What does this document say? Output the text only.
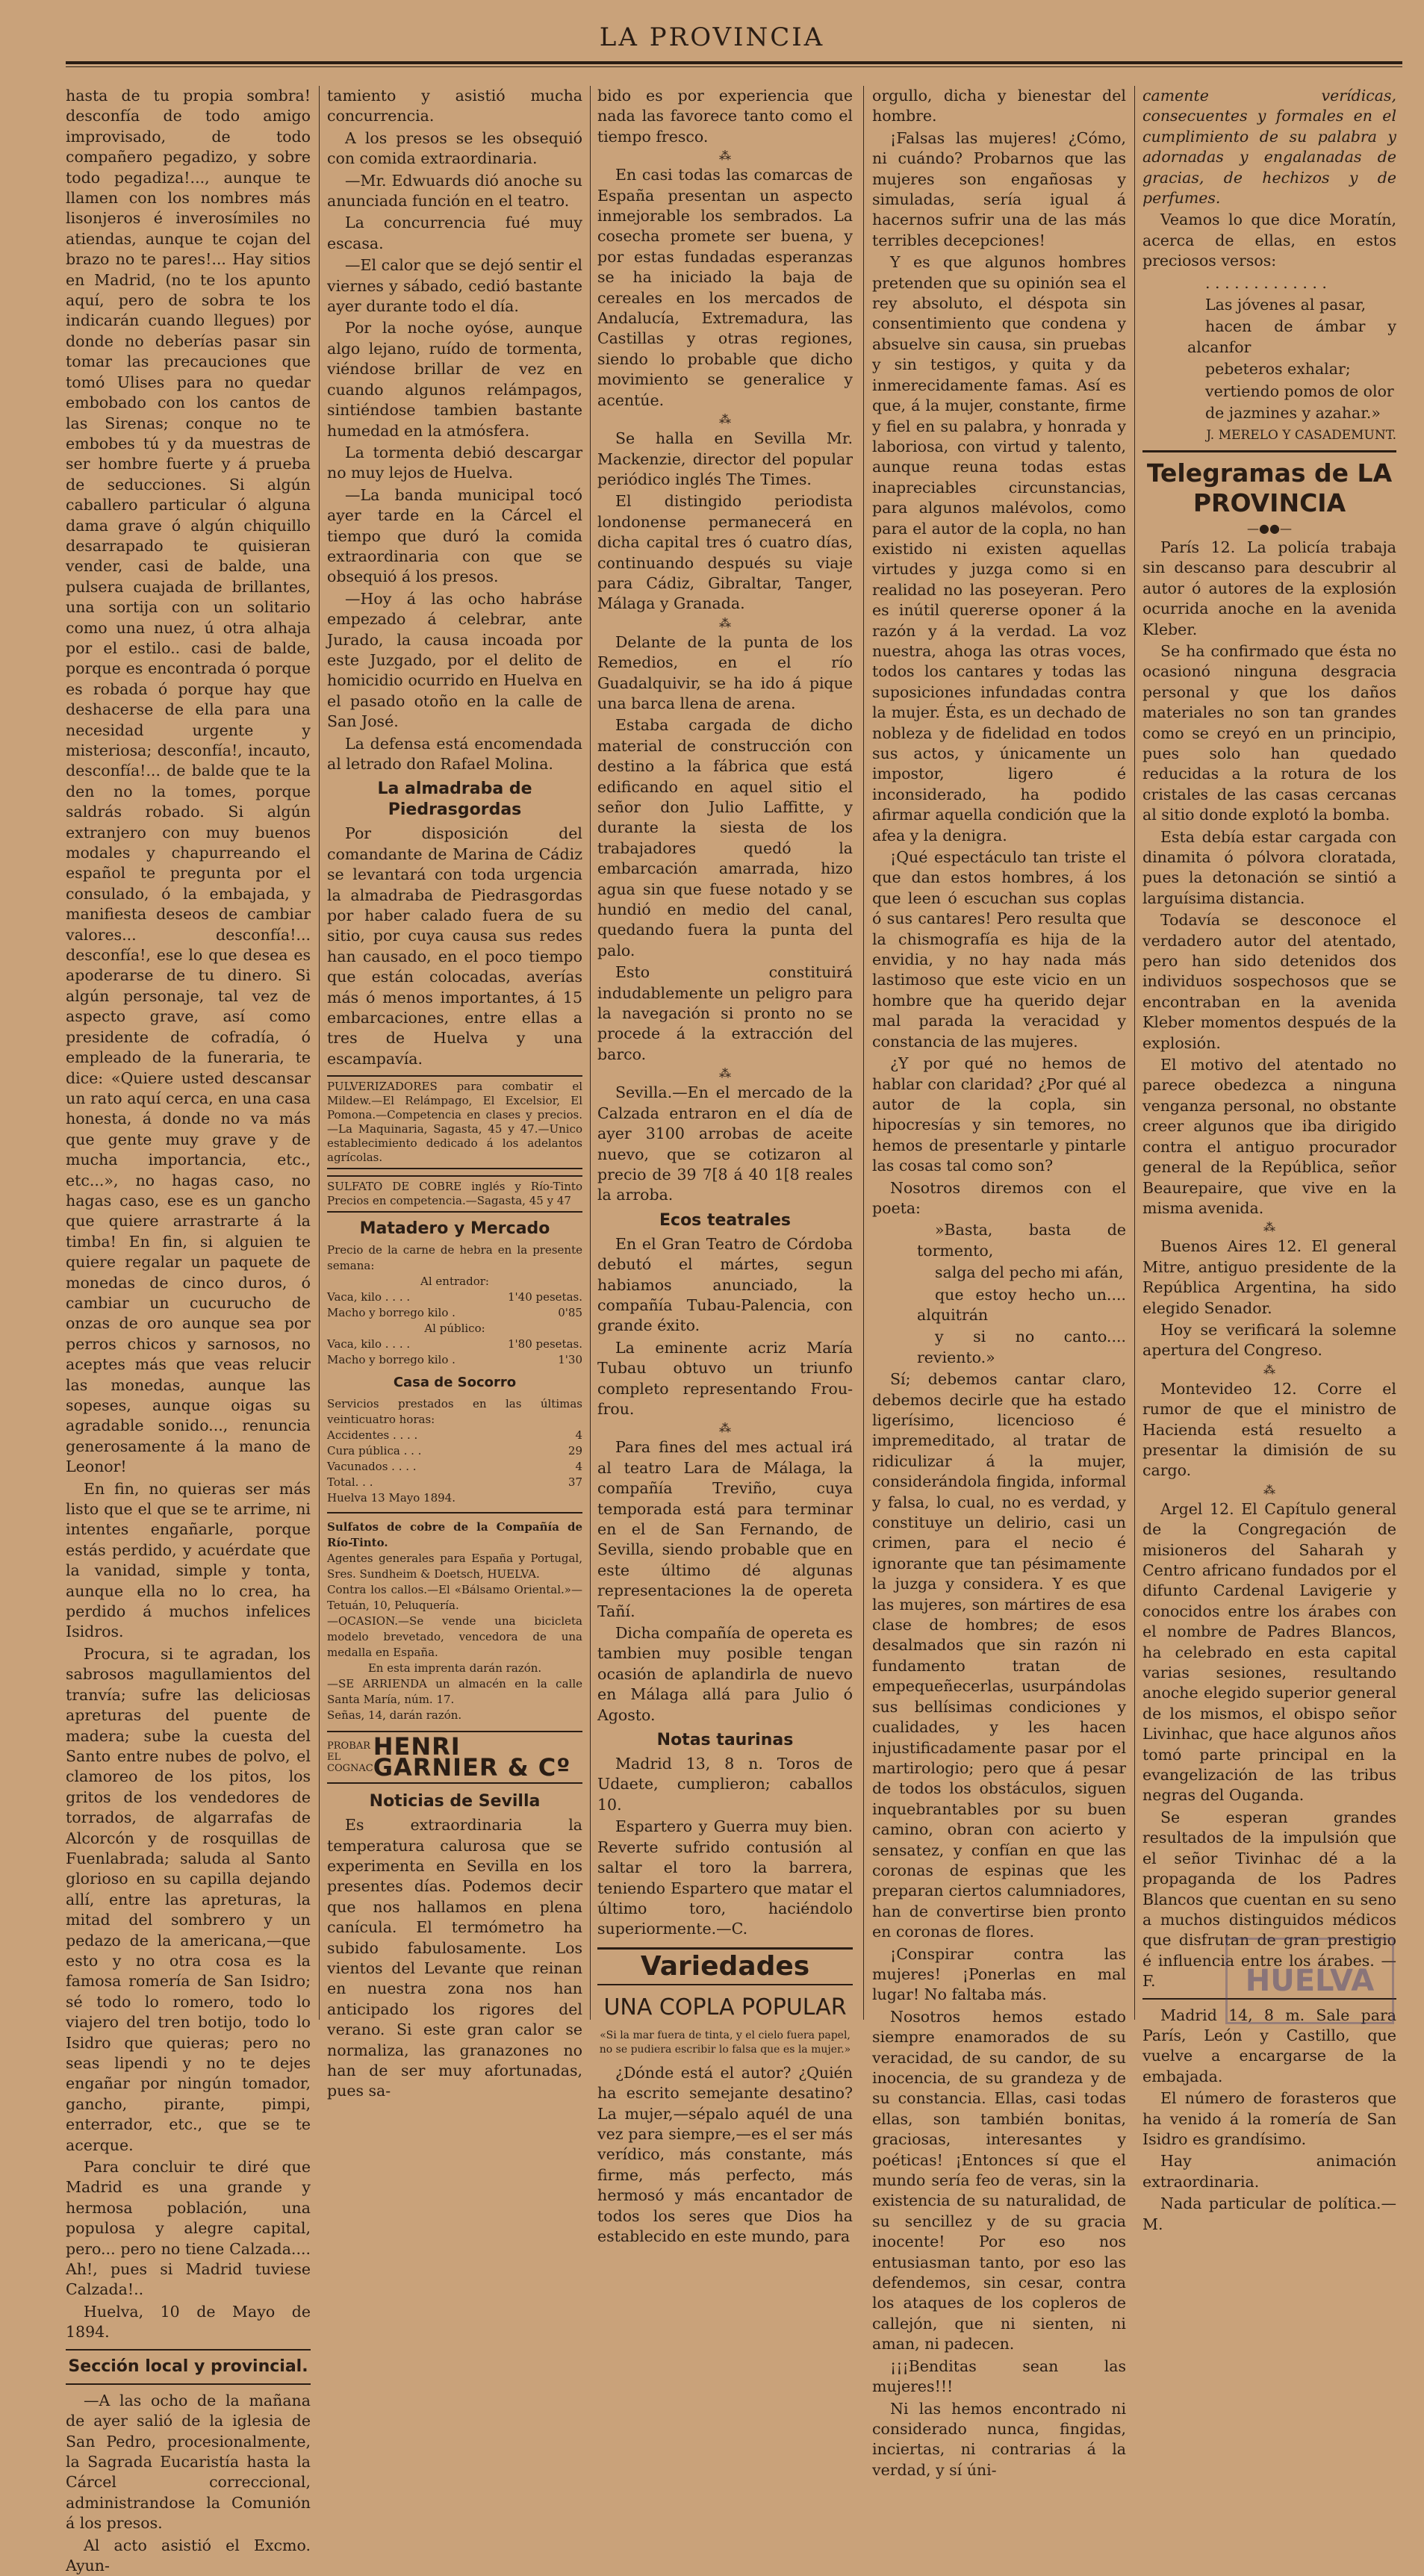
LA PROVINCIA

hasta de tu propia sombra! desconfía de todo amigo improvisado, de todo compañero pegadizo, y sobre todo pegadiza!..., aunque te llamen con los nombres más lisonjeros é inverosímiles no atiendas, aunque te cojan del brazo no te pares!... Hay sitios en Madrid, (no te los apunto aquí, pero de sobra te los indicarán cuando llegues) por donde no deberías pasar sin tomar las precauciones que tomó Ulises para no quedar embobado con los cantos de las Sirenas; conque no te embobes tú y da muestras de ser hombre fuerte y á prueba de seducciones. Si algún caballero particular ó alguna dama grave ó algún chiquillo desarrapado te quisieran vender, casi de balde, una pulsera cuajada de brillantes, una sortija con un solitario como una nuez, ú otra alhaja por el estilo.. casi de balde, porque es encontrada ó porque es robada ó porque hay que deshacerse de ella para una necesidad urgente y misteriosa; desconfía!, incauto, desconfía!... de balde que te la den no la tomes, porque saldrás robado. Si algún extranjero con muy buenos modales y chapurreando el español te pregunta por el consulado, ó la embajada, y manifiesta deseos de cambiar valores... desconfía!... desconfía!, ese lo que desea es apoderarse de tu dinero. Si algún personaje, tal vez de aspecto grave, así como presidente de cofradía, ó empleado de la funeraria, te dice: «Quiere usted descansar un rato aquí cerca, en una casa honesta, á donde no va más que gente muy grave y de mucha importancia, etc., etc...», no hagas caso, no hagas caso, ese es un gancho que quiere arrastrarte á la timba! En fin, si alguien te quiere regalar un paquete de monedas de cinco duros, ó cambiar un cucurucho de onzas de oro aunque sea por perros chicos y sarnosos, no aceptes más que veas relucir las monedas, aunque las sopeses, aunque oigas su agradable sonido..., renuncia generosamente á la mano de Leonor!

En fin, no quieras ser más listo que el que se te arrime, ni intentes engañarle, porque estás perdido, y acuérdate que la vanidad, simple y tonta, aunque ella no lo crea, ha perdido á muchos infelices Isidros.

Procura, si te agradan, los sabrosos magullamientos del tranvía; sufre las deliciosas apreturas del puente de madera; sube la cuesta del Santo entre nubes de polvo, el clamoreo de los pitos, los gritos de los vendedores de torrados, de algarrafas de Alcorcón y de rosquillas de Fuenlabrada; saluda al Santo glorioso en su capilla dejando allí, entre las apreturas, la mitad del sombrero y un pedazo de la americana,—que esto y no otra cosa es la famosa romería de San Isidro; sé todo lo romero, todo lo viajero del tren botijo, todo lo Isidro que quieras; pero no seas lipendi y no te dejes engañar por ningún tomador, gancho, pirante, pimpi, enterrador, etc., que se te acerque.

Para concluir te diré que Madrid es una grande y hermosa población, una populosa y alegre capital, pero... pero no tiene Calzada.... Ah!, pues si Madrid tuviese Calzada!..

Huelva, 10 de Mayo de 1894.

Sección local y provincial.

—A las ocho de la mañana de ayer salió de la iglesia de San Pedro, procesionalmente, la Sagrada Eucaristía hasta la Cárcel correccional, administrandose la Comunión á los presos.

Al acto asistió el Excmo. Ayun-

tamiento y asistió mucha concurrencia.

A los presos se les obsequió con comida extraordinaria.

—Mr. Edwuards dió anoche su anunciada función en el teatro.

La concurrencia fué muy escasa.

—El calor que se dejó sentir el viernes y sábado, cedió bastante ayer durante todo el día.

Por la noche oyóse, aunque algo lejano, ruído de tormenta, viéndose brillar de vez en cuando algunos relámpagos, sintiéndose tambien bastante humedad en la atmósfera.

La tormenta debió descargar no muy lejos de Huelva.

—La banda municipal tocó ayer tarde en la Cárcel el tiempo que duró la comida extraordinaria con que se obsequió á los presos.

—Hoy á las ocho habráse empezado á celebrar, ante Jurado, la causa incoada por este Juzgado, por el delito de homicidio ocurrido en Huelva en el pasado otoño en la calle de San José.

La defensa está encomendada al letrado don Rafael Molina.

La almadraba de Piedrasgordas

Por disposición del comandante de Marina de Cádiz se levantará con toda urgencia la almadraba de Piedrasgordas por haber calado fuera de su sitio, por cuya causa sus redes han causado, en el poco tiempo que están colocadas, averías más ó menos importantes, á 15 embarcaciones, entre ellas a tres de Huelva y una escampavía.

PULVERIZADORES para combatir el Mildew.—El Relámpago, El Excelsior, El Pomona.—Competencia en clases y precios.—La Maquinaria, Sagasta, 45 y 47.—Unico establecimiento dedicado á los adelantos agrícolas.
SULFATO DE COBRE inglés y Río-Tinto Precios en competencia.—Sagasta, 45 y 47
Matadero y Mercado
Precio de la carne de hebra en la presente semana:
Al entrador:
Vaca, kilo . . . .	1'40 pesetas.
Macho y borrego kilo .	0'85
Al público:
Vaca, kilo . . . .	1'80 pesetas.
Macho y borrego kilo .	1'30
Casa de Socorro
Servicios prestados en las últimas veinticuatro horas:
Accidentes . . . .	4
Cura pública . . .	29
Vacunados . . . .	4
Total. . .	37
Huelva 13 Mayo 1894.
Sulfatos de cobre de la Compañía de Río-Tinto.
Agentes generales para España y Portugal, Sres. Sundheim & Doetsch, HUELVA.
Contra los callos.—El «Bálsamo Oriental.»—Tetuán, 10, Peluquería.
—OCASION.—Se vende una bicicleta modelo brevetado, vencedora de una medalla en España.
En esta imprenta darán razón.
—SE ARRIENDA un almacén en la calle Santa María, núm. 17.
Señas, 14, darán razón.
PROBAR EL COGNAC
HENRI GARNIER & Cº
Noticias de Sevilla

Es extraordinaria la temperatura calurosa que se experimenta en Sevilla en los presentes días. Podemos decir que nos hallamos en plena canícula. El termómetro ha subido fabulosamente. Los vientos del Levante que reinan en nuestra zona nos han anticipado los rigores del verano. Si este gran calor se normaliza, las granazones no han de ser muy afortunadas, pues sa-

bido es por experiencia que nada las favorece tanto como el tiempo fresco.

⁂

En casi todas las comarcas de España presentan un aspecto inmejorable los sembrados. La cosecha promete ser buena, y por estas fundadas esperanzas se ha iniciado la baja de cereales en los mercados de Andalucía, Extremadura, las Castillas y otras regiones, siendo lo probable que dicho movimiento se generalice y acentúe.

⁂

Se halla en Sevilla Mr. Mackenzie, director del popular periódico inglés The Times.

El distingido periodista londonense permanecerá en dicha capital tres ó cuatro días, continuando después su viaje para Cádiz, Gibraltar, Tanger, Málaga y Granada.

⁂

Delante de la punta de los Remedios, en el río Guadalquivir, se ha ido á pique una barca llena de arena.

Estaba cargada de dicho material de construcción con destino a la fábrica que está edificando en aquel sitio el señor don Julio Laffitte, y durante la siesta de los trabajadores quedó la embarcación amarrada, hizo agua sin que fuese notado y se hundió en medio del canal, quedando fuera la punta del palo.

Esto constituirá indudablemente un peligro para la navegación si pronto no se procede á la extracción del barco.

⁂

Sevilla.—En el mercado de la Calzada entraron en el día de ayer 3100 arrobas de aceite nuevo, que se cotizaron al precio de 39 7[8 á 40 1[8 reales la arroba.

Ecos teatrales

En el Gran Teatro de Córdoba debutó el mártes, segun habiamos anunciado, la compañía Tubau-Palencia, con grande éxito.

La eminente acriz María Tubau obtuvo un triunfo completo representando Frou-frou.

⁂

Para fines del mes actual irá al teatro Lara de Málaga, la compañía Treviño, cuya temporada está para terminar en el de San Fernando, de Sevilla, siendo probable que en este último dé algunas representaciones la de opereta Tañí.

Dicha compañía de opereta es tambien muy posible tengan ocasión de aplandirla de nuevo en Málaga allá para Julio ó Agosto.

Notas taurinas

Madrid 13, 8 n. Toros de Udaete, cumplieron; caballos 10.

Espartero y Guerra muy bien. Reverte sufrido contusión al saltar el toro la barrera, teniendo Espartero que matar el último toro, haciéndolo superiormente.—C.

Variedades
UNA COPLA POPULAR
«Si la mar fuera de tinta, y el cielo fuera papel, no se pudiera escribir lo falsa que es la mujer.»

¿Dónde está el autor? ¿Quién ha escrito semejante desatino? La mujer,—sépalo aquél de una vez para siempre,—es el ser más verídico, más constante, más firme, más perfecto, más hermosó y más encantador de todos los seres que Dios ha establecido en este mundo, para

orgullo, dicha y bienestar del hombre.

¡Falsas las mujeres! ¿Cómo, ni cuándo? Probarnos que las mujeres son engañosas y simuladas, sería igual á hacernos sufrir una de las más terribles decepciones!

Y es que algunos hombres pretenden que su opinión sea el rey absoluto, el déspota sin consentimiento que condena y absuelve sin causa, sin pruebas y sin testigos, y quita y da inmerecidamente famas. Así es que, á la mujer, constante, firme y fiel en su palabra, y honrada y laboriosa, con virtud y talento, aunque reuna todas estas inapreciables circunstancias, para algunos malévolos, como para el autor de la copla, no han existido ni existen aquellas virtudes y juzga como si en realidad no las poseyeran. Pero es inútil quererse oponer á la razón y á la verdad. La voz nuestra, ahoga las otras voces, todos los cantares y todas las suposiciones infundadas contra la mujer. Ésta, es un dechado de nobleza y de fidelidad en todos sus actos, y únicamente un impostor, ligero é inconsiderado, ha podido afirmar aquella condición que la afea y la denigra.

¡Qué espectáculo tan triste el que dan estos hombres, á los que leen ó escuchan sus coplas ó sus cantares! Pero resulta que la chismografía es hija de la envidia, y no hay nada más lastimoso que este vicio en un hombre que ha querido dejar mal parada la veracidad y constancia de las mujeres.

¿Y por qué no hemos de hablar con claridad? ¿Por qué al autor de la copla, sin hipocresías y sin temores, no hemos de presentarle y pintarle las cosas tal como son?

Nosotros diremos con el poeta:

»Basta, basta de tormento,

salga del pecho mi afán,

que estoy hecho un.... alquitrán

y si no canto.... reviento.»

Sí; debemos cantar claro, debemos decirle que ha estado ligerísimo, licencioso é impremeditado, al tratar de ridiculizar á la mujer, considerándola fingida, informal y falsa, lo cual, no es verdad, y constituye un delirio, casi un crimen, para el necio é ignorante que tan pésimamente la juzga y considera. Y es que las mujeres, son mártires de esa clase de hombres; de esos desalmados que sin razón ni fundamento tratan de empequeñecerlas, usurpándolas sus bellísimas condiciones y cualidades, y les hacen injustificadamente pasar por el martirologio; pero que á pesar de todos los obstáculos, siguen inquebrantables por su buen camino, obran con acierto y sensatez, y confían en que las coronas de espinas que les preparan ciertos calumniadores, han de convertirse bien pronto en coronas de flores.

¡Conspirar contra las mujeres! ¡Ponerlas en mal lugar! No faltaba más.

Nosotros hemos estado siempre enamorados de su veracidad, de su candor, de su inocencia, de su grandeza y de su constancia. Ellas, casi todas ellas, son también bonitas, graciosas, interesantes y poéticas! ¡Entonces sí que el mundo sería feo de veras, sin la existencia de su naturalidad, de su sencillez y de su gracia inocente! Por eso nos entusiasman tanto, por eso las defendemos, sin cesar, contra los ataques de los copleros de callejón, que ni sienten, ni aman, ni padecen.

¡¡¡Benditas sean las mujeres!!!

Ni las hemos encontrado ni considerado nunca, fingidas, inciertas, ni contrarias á la verdad, y sí úni-

camente verídicas, consecuentes y formales en el cumplimiento de su palabra y adornadas y engalanadas de gracias, de hechizos y de perfumes.

Veamos lo que dice Moratín, acerca de ellas, en estos preciosos versos:

. . . . . . . . . . . . .

Las jóvenes al pasar,

hacen de ámbar y alcanfor

pebeteros exhalar;

vertiendo pomos de olor

de jazmines y azahar.»

J. MERELO Y CASADEMUNT.
Telegramas de LA PROVINCIA
—●●—

París 12. La policía trabaja sin descanso para descubrir al autor ó autores de la explosión ocurrida anoche en la avenida Kleber.

Se ha confirmado que ésta no ocasionó ninguna desgracia personal y que los daños materiales no son tan grandes como se creyó en un principio, pues solo han quedado reducidas a la rotura de los cristales de las casas cercanas al sitio donde explotó la bomba.

Esta debía estar cargada con dinamita ó pólvora cloratada, pues la detonación se sintió a larguísima distancia.

Todavía se desconoce el verdadero autor del atentado, pero han sido detenidos dos individuos sospechosos que se encontraban en la avenida Kleber momentos después de la explosión.

El motivo del atentado no parece obedezca a ninguna venganza personal, no obstante creer algunos que iba dirigido contra el antiguo procurador general de la República, señor Beaurepaire, que vive en la misma avenida.

⁂

Buenos Aires 12. El general Mitre, antiguo presidente de la República Argentina, ha sido elegido Senador.

Hoy se verificará la solemne apertura del Congreso.

⁂

Montevideo 12. Corre el rumor de que el ministro de Hacienda está resuelto a presentar la dimisión de su cargo.

⁂

Argel 12. El Capítulo general de la Congregación de misioneros del Saharah y Centro africano fundados por el difunto Cardenal Lavigerie y conocidos entre los árabes con el nombre de Padres Blancos, ha celebrado en esta capital varias sesiones, resultando anoche elegido superior general de los mismos, el obispo señor Livinhac, que hace algunos años tomó parte principal en la evangelización de las tribus negras del Ouganda.

Se esperan grandes resultados de la impulsión que el señor Tivinhac dé a la propaganda de los Padres Blancos que cuentan en su seno a muchos distinguidos médicos que disfrutan de gran prestigio é influencia entre los árabes. —F.

Madrid 14, 8 m. Sale para París, León y Castillo, que vuelve a encargarse de la embajada.

El número de forasteros que ha venido á la romería de San Isidro es grandísimo.

Hay animación extraordinaria.

Nada particular de política.—M.

HUELVA
